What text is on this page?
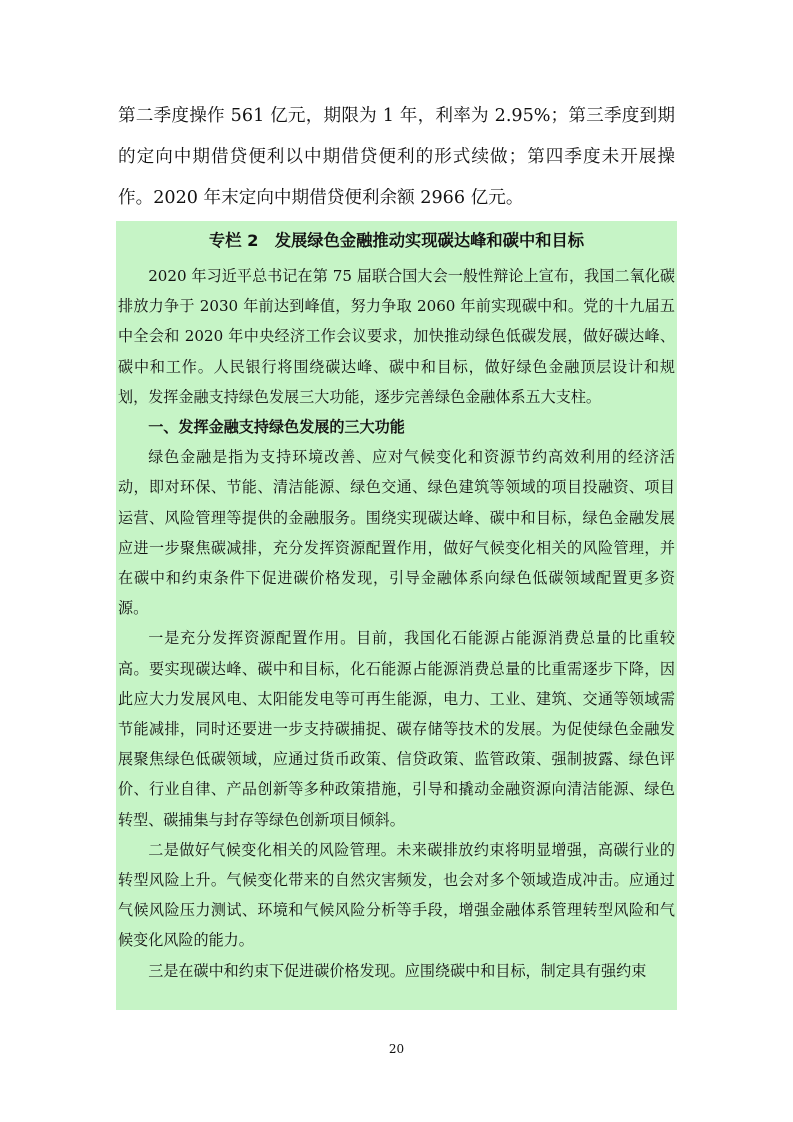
第二季度操作 561 亿元，期限为 1 年，利率为 2.95%；第三季度到期的定向中期借贷便利以中期借贷便利的形式续做；第四季度未开展操作。2020 年末定向中期借贷便利余额 2966 亿元。

专栏 2　发展绿色金融推动实现碳达峰和碳中和目标

2020 年习近平总书记在第 75 届联合国大会一般性辩论上宣布，我国二氧化碳排放力争于 2030 年前达到峰值，努力争取 2060 年前实现碳中和。党的十九届五中全会和 2020 年中央经济工作会议要求，加快推动绿色低碳发展，做好碳达峰、碳中和工作。人民银行将围绕碳达峰、碳中和目标，做好绿色金融顶层设计和规划，发挥金融支持绿色发展三大功能，逐步完善绿色金融体系五大支柱。

一、发挥金融支持绿色发展的三大功能

绿色金融是指为支持环境改善、应对气候变化和资源节约高效利用的经济活动，即对环保、节能、清洁能源、绿色交通、绿色建筑等领域的项目投融资、项目运营、风险管理等提供的金融服务。围绕实现碳达峰、碳中和目标，绿色金融发展应进一步聚焦碳减排，充分发挥资源配置作用，做好气候变化相关的风险管理，并在碳中和约束条件下促进碳价格发现，引导金融体系向绿色低碳领域配置更多资源。

一是充分发挥资源配置作用。目前，我国化石能源占能源消费总量的比重较高。要实现碳达峰、碳中和目标，化石能源占能源消费总量的比重需逐步下降，因此应大力发展风电、太阳能发电等可再生能源，电力、工业、建筑、交通等领域需节能减排，同时还要进一步支持碳捕捉、碳存储等技术的发展。为促使绿色金融发展聚焦绿色低碳领域，应通过货币政策、信贷政策、监管政策、强制披露、绿色评价、行业自律、产品创新等多种政策措施，引导和撬动金融资源向清洁能源、绿色转型、碳捕集与封存等绿色创新项目倾斜。

二是做好气候变化相关的风险管理。未来碳排放约束将明显增强，高碳行业的转型风险上升。气候变化带来的自然灾害频发，也会对多个领域造成冲击。应通过气候风险压力测试、环境和气候风险分析等手段，增强金融体系管理转型风险和气候变化风险的能力。

三是在碳中和约束下促进碳价格发现。应围绕碳中和目标，制定具有强约束

20
